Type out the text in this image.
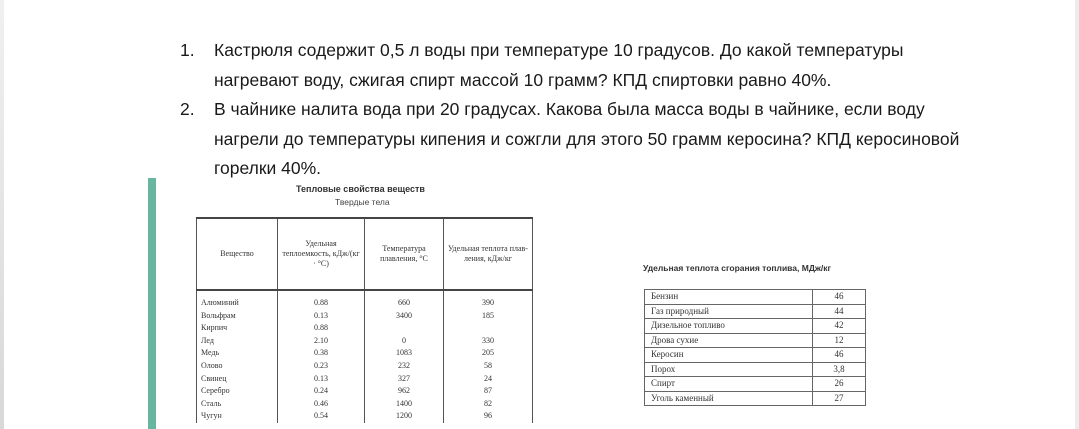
1.	Кастрюля содержит 0,5 л воды при температуре 10 градусов. До какой температуры нагревают воду, сжигая спирт массой 10 грамм? КПД спиртовки равно 40%.
2.	В чайнике налита вода при 20 градусах. Какова была масса воды в чайнике, если воду нагрели до температуры кипения и сожгли для этого 50 грамм керосина? КПД керосиновой горелки 40%.
Тепловые свойства веществ
Твердые тела
Вещество	Удельная теплоемкость, кДж/(кг · °С)	Температура плавления, °С	Удельная теплота плав-ления, кДж/кг
Алюминий	0.88	660	390
Вольфрам	0.13	3400	185
Кирпич	0.88		
Лед	2.10	0	330
Медь	0.38	1083	205
Олово	0.23	232	58
Свинец	0.13	327	24
Серебро	0.24	962	87
Сталь	0.46	1400	82
Чугун	0.54	1200	96
Удельная теплота сгорания топлива, МДж/кг
Бензин	46
Газ природный	44
Дизельное топливо	42
Дрова сухие	12
Керосин	46
Порох	3,8
Спирт	26
Уголь каменный	27
